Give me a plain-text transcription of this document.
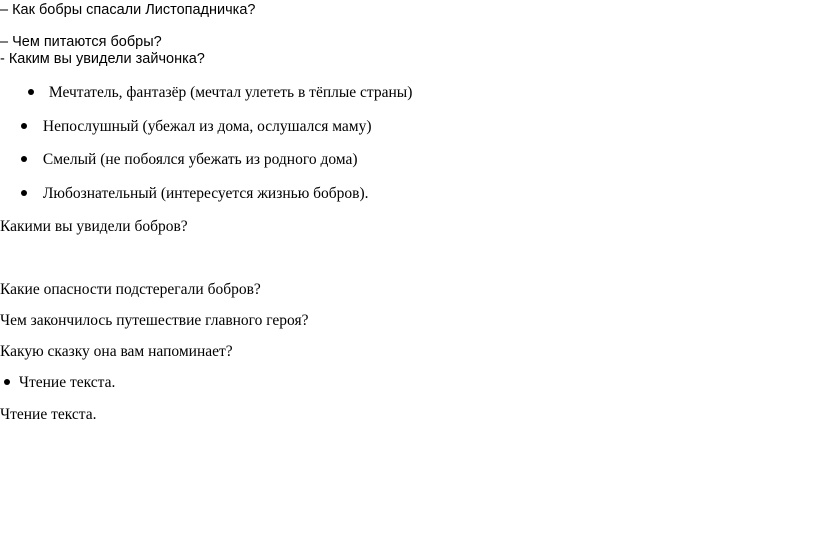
– Как бобры спасали Листопадничка?
– Чем питаются бобры?
- Каким вы увидели зайчонка?
Мечтатель, фантазёр (мечтал улететь в тёплые страны)
Непослушный (убежал из дома, ослушался маму)
Смелый (не побоялся убежать из родного дома)
Любознательный (интересуется жизнью бобров).
Какими вы увидели бобров?
Какие опасности подстерегали бобров?
Чем закончилось путешествие главного героя?
Какую сказку она вам напоминает?
Чтение текста.
Чтение текста.
